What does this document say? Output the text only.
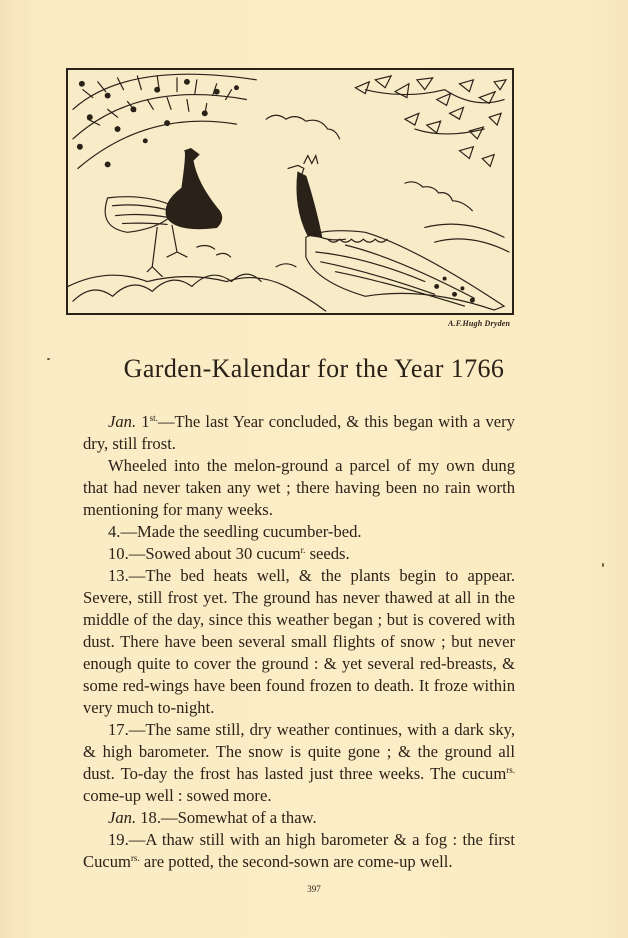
A.F.Hugh Dryden
Garden-Kalendar for the Year 1766

Jan. $1^{st.}—The$ last Year concluded, & this began with a very dry, still frost.

Wheeled into the melon-ground a parcel of my own dung that had never taken any wet ; there having been no rain worth mentioning for many weeks.

4.—Made the seedling cucumber-bed.

10.—Sowed about 30 cucum$^{r.}$ seeds.

13.—The bed heats well, & the plants begin to appear. Severe, still frost yet. The ground has never thawed at all in the middle of the day, since this weather began ; but is covered with dust. There have been several small flights of snow ; but never enough quite to cover the ground : & yet several red-breasts, & some red-wings have been found frozen to death. It froze within very much to-night.

17.—The same still, dry weather continues, with a dark sky, & high barometer. The snow is quite gone ; & the ground all dust. To-day the frost has lasted just three weeks. The cucum$^{rs.}$ come-up well : sowed more.

Jan. 18.—Somewhat of a thaw.

19.—A thaw still with an high barometer & a fog : the first Cucum$^{rs.}$ are potted, the second-sown are come-up well.

397
